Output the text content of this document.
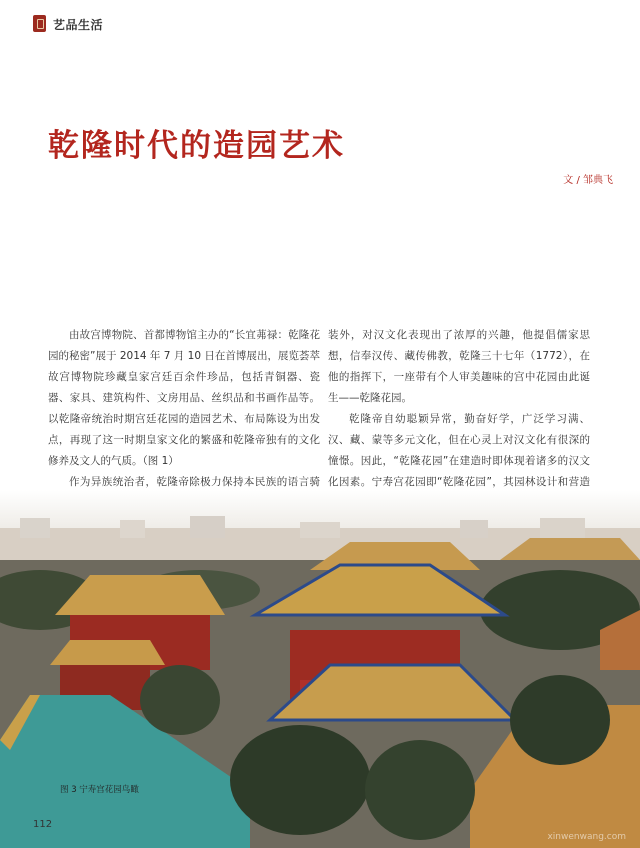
艺品生活
乾隆时代的造园艺术
文 / 邹典飞

由故宫博物院、首都博物馆主办的“长宜茀禄：乾隆花园的秘密”展于 2014 年 7 月 10 日在首博展出，展览荟萃故宫博物院珍藏皇家宫廷百余件珍品，包括青铜器、瓷器、家具、建筑构件、文房用品、丝织品和书画作品等。以乾隆帝统治时期宫廷花园的造园艺术、布局陈设为出发点，再现了这一时期皇家文化的繁盛和乾隆帝独有的文化修养及文人的气质。（图 1）

作为异族统治者，乾隆帝除极力保持本民族的语言骑

装外，对汉文化表现出了浓厚的兴趣，他提倡儒家思想，信奉汉传、藏传佛教，乾隆三十七年（1772），在他的指挥下，一座带有个人审美趣味的宫中花园由此诞生——乾隆花园。

乾隆帝自幼聪颖异常，勤奋好学，广泛学习满、汉、藏、蒙等多元文化，但在心灵上对汉文化有很深的憧憬。因此，“乾隆花园”在建造时即体现着诸多的汉文化因素。宁寿宫花园即“乾隆花园”，其园林设计和营造

图 3 宁寿宫花园鸟瞰
112
xinwenwang.com
